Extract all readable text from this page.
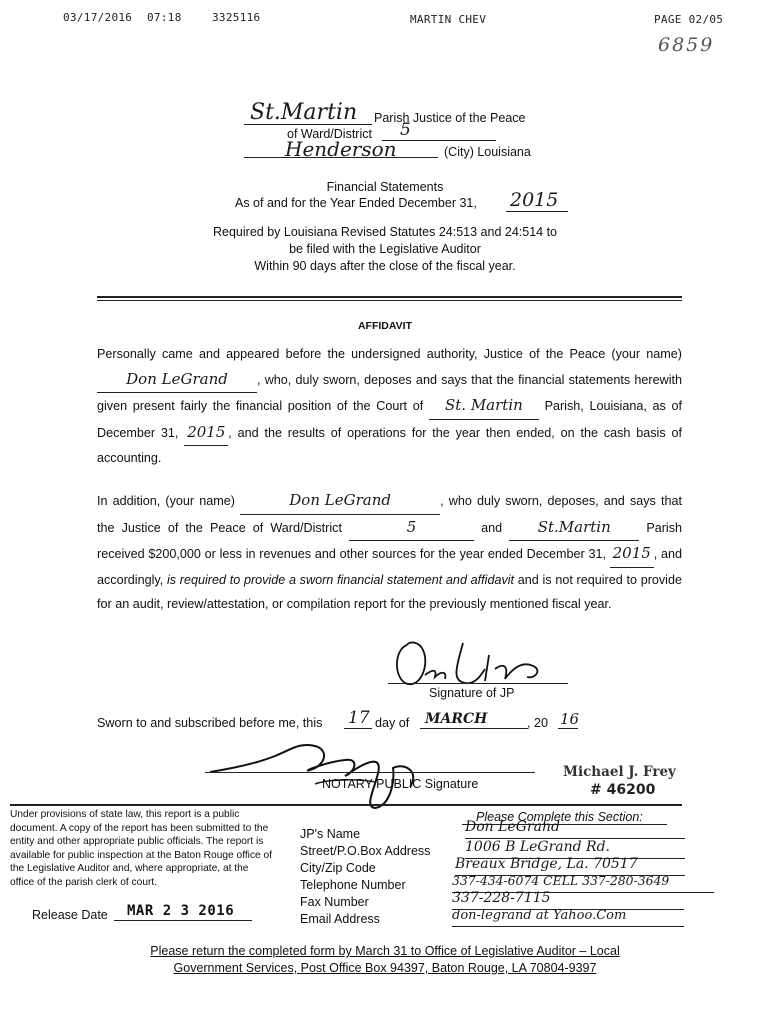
03/17/2016 07:18	3325116	MARTIN CHEV	PAGE 02/05
6859
St.Martin Parish Justice of the Peace
of Ward/District 5
Henderson	(City) Louisiana
Financial Statements
As of and for the Year Ended December 31, 2015
Required by Louisiana Revised Statutes 24:513 and 24:514 to
be filed with the Legislative Auditor
Within 90 days after the close of the fiscal year.
AFFIDAVIT
Personally came and appeared before the undersigned authority, Justice of the Peace (your name) Don LeGrand , who, duly sworn, deposes and says that the financial statements herewith given present fairly the financial position of the Court of St. Martin Parish, Louisiana, as of December 31, 2015 , and the results of operations for the year then ended, on the cash basis of accounting.
In addition, (your name)	Don LeGrand	, who duly sworn, deposes, and says that the Justice of the Peace of Ward/District	5	and St.Martin	Parish received $200,000 or less in revenues and other sources for the year ended December 31, 2015 , and accordingly, is required to provide a sworn financial statement and affidavit and is not required to provide for an audit, review/attestation, or compilation report for the previously mentioned fiscal year.
Signature of JP
Sworn to and subscribed before me, this 17 day of MARCH	, 20 16
NOTARY PUBLIC Signature
Michael J. Frey
# 46200
Under provisions of state law, this report is a public document. A copy of the report has been submitted to the entity and other appropriate public officials. The report is available for public inspection at the Baton Rouge office of the Legislative Auditor and, where appropriate, at the office of the parish clerk of court.
Release Date MAR 2 3 2016
Please Complete this Section:
JP's Name	Don LeGrand
Street/P.O.Box Address 1006 B LeGrand Rd.
City/Zip Code	Breaux Bridge, La. 70517
Telephone Number	337-434-6074 CELL 337-280-3649
Fax Number	337-228-7115
Email Address	don-legrand at Yahoo.Com
Please return the completed form by March 31 to Office of Legislative Auditor – Local
Government Services, Post Office Box 94397, Baton Rouge, LA 70804-9397
